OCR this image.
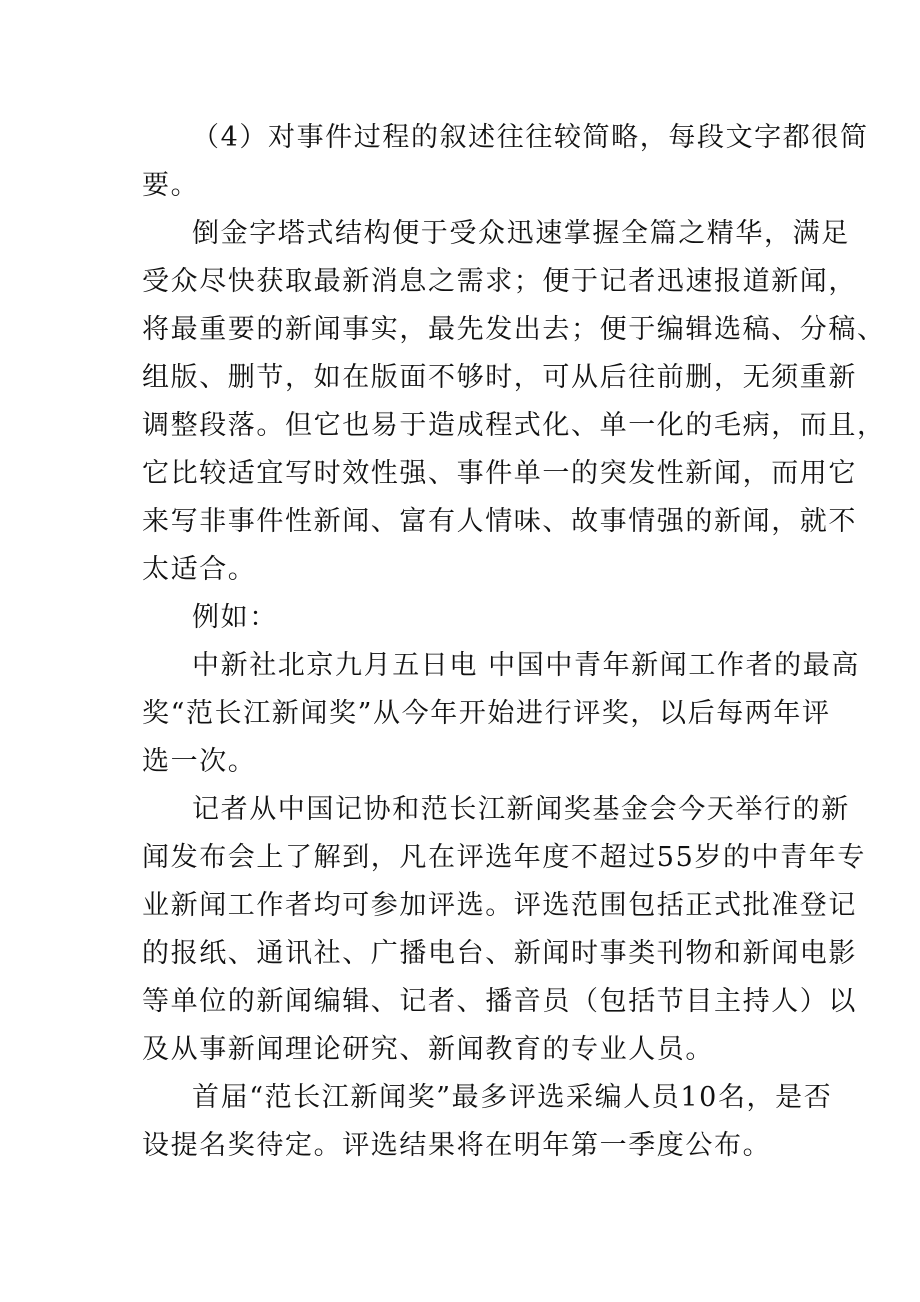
（4）对事件过程的叙述往往较简略，每段文字都很简
要。
倒金字塔式结构便于受众迅速掌握全篇之精华，满足
受众尽快获取最新消息之需求；便于记者迅速报道新闻，
将最重要的新闻事实，最先发出去；便于编辑选稿、分稿、
组版、删节，如在版面不够时，可从后往前删，无须重新
调整段落。但它也易于造成程式化、单一化的毛病，而且，
它比较适宜写时效性强、事件单一的突发性新闻，而用它
来写非事件性新闻、富有人情味、故事情强的新闻，就不
太适合。
例如：
中新社北京九月五日电 中国中青年新闻工作者的最高
奖“范长江新闻奖”从今年开始进行评奖，以后每两年评
选一次。
记者从中国记协和范长江新闻奖基金会今天举行的新
闻发布会上了解到，凡在评选年度不超过55岁的中青年专
业新闻工作者均可参加评选。评选范围包括正式批准登记
的报纸、通讯社、广播电台、新闻时事类刊物和新闻电影
等单位的新闻编辑、记者、播音员（包括节目主持人）以
及从事新闻理论研究、新闻教育的专业人员。
首届“范长江新闻奖”最多评选采编人员10名，是否
设提名奖待定。评选结果将在明年第一季度公布。
